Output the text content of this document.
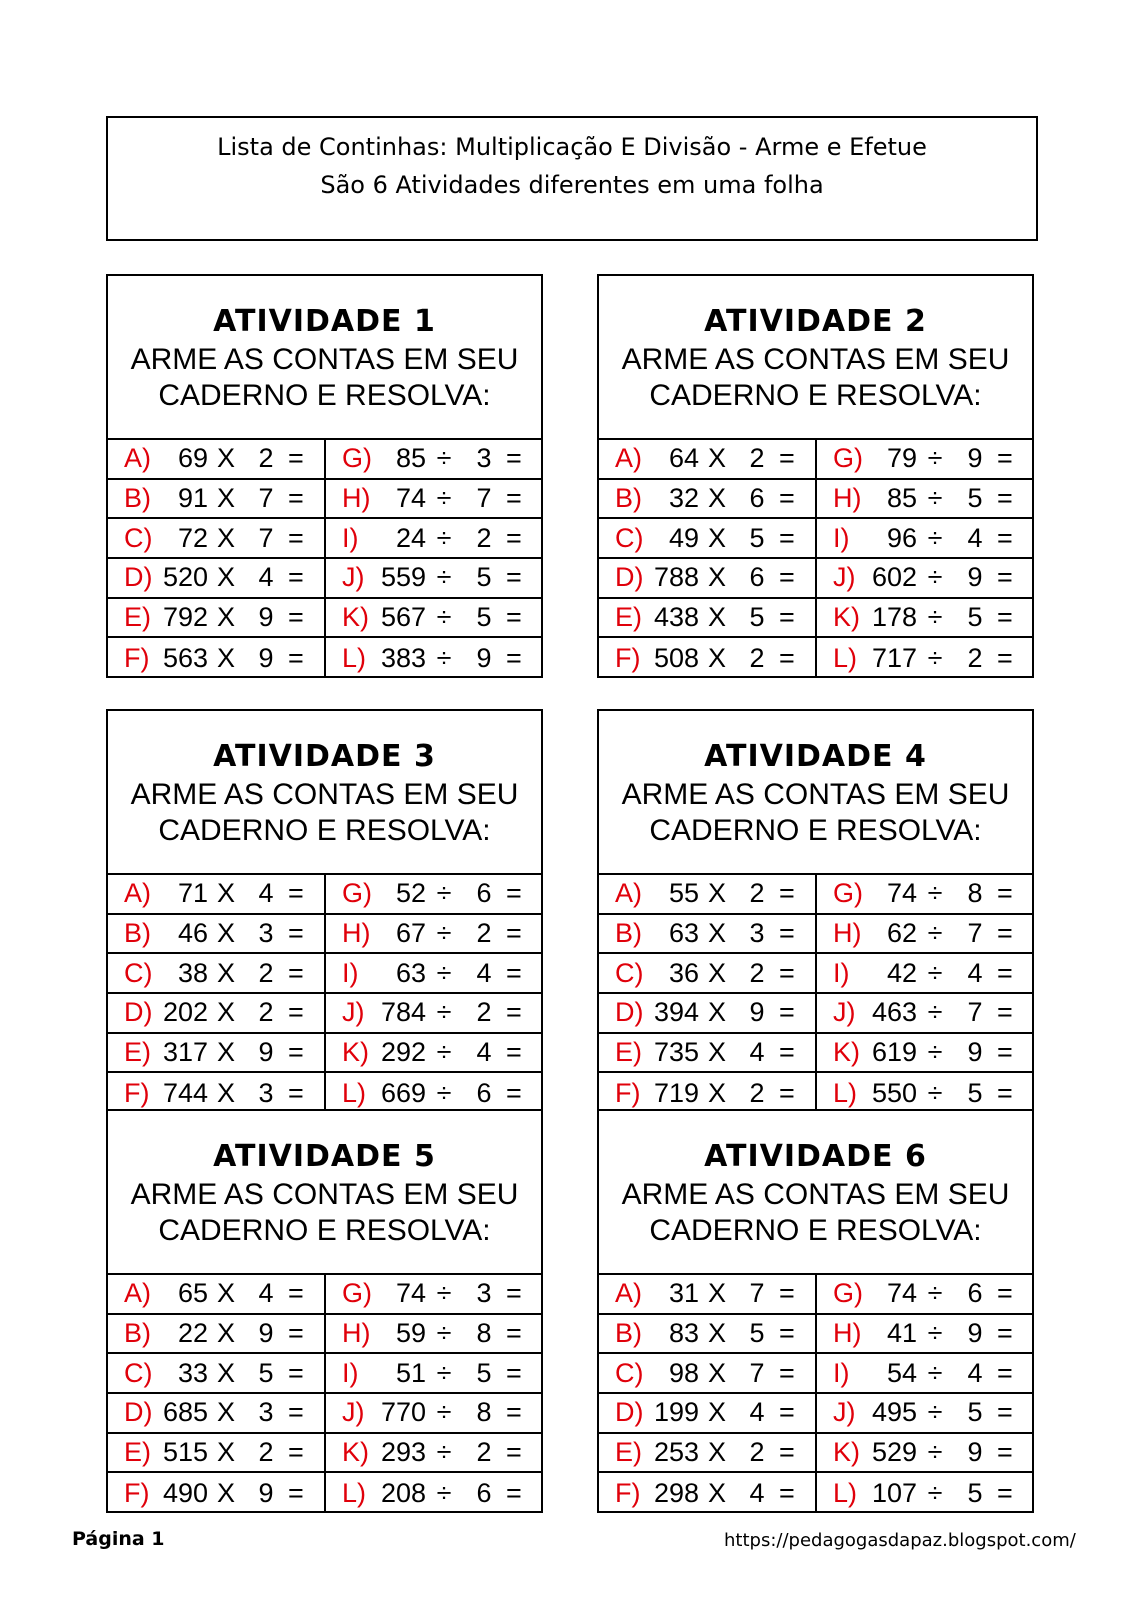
Lista de Continhas: Multiplicação E Divisão - Arme e Efetue
São 6 Atividades diferentes em uma folha
ATIVIDADE 1
ARME AS CONTAS EM SEU
CADERNO E RESOLVA:
A) 69 X 2 =	G) 85 ÷ 3 =
B) 91 X 7 =	H) 74 ÷ 7 =
C) 72 X 7 =	I)	24 ÷ 2 =
D) 520 X 4 =	J) 559 ÷ 5 =
E) 792 X 9 =	K) 567 ÷ 5 =
F) 563 X 9 =	L) 383 ÷ 9 =
ATIVIDADE 2
ARME AS CONTAS EM SEU
CADERNO E RESOLVA:
A) 64 X 2 =	G) 79 ÷ 9 =
B) 32 X 6 =	H) 85 ÷ 5 =
C) 49 X 5 =	I)	96 ÷ 4 =
D) 788 X 6 =	J) 602 ÷ 9 =
E) 438 X 5 =	K) 178 ÷ 5 =
F) 508 X 2 =	L) 717 ÷ 2 =
ATIVIDADE 3
ARME AS CONTAS EM SEU
CADERNO E RESOLVA:
A) 71 X 4 =	G) 52 ÷ 6 =
B) 46 X 3 =	H) 67 ÷ 2 =
C) 38 X 2 =	I)	63 ÷ 4 =
D) 202 X 2 =	J) 784 ÷ 2 =
E) 317 X 9 =	K) 292 ÷ 4 =
F) 744 X 3 =	L) 669 ÷ 6 =
ATIVIDADE 4
ARME AS CONTAS EM SEU
CADERNO E RESOLVA:
A) 55 X 2 =	G) 74 ÷ 8 =
B) 63 X 3 =	H) 62 ÷ 7 =
C) 36 X 2 =	I)	42 ÷ 4 =
D) 394 X 9 =	J) 463 ÷ 7 =
E) 735 X 4 =	K) 619 ÷ 9 =
F) 719 X 2 =	L) 550 ÷ 5 =
ATIVIDADE 5
ARME AS CONTAS EM SEU
CADERNO E RESOLVA:
A) 65 X 4 =	G) 74 ÷ 3 =
B) 22 X 9 =	H) 59 ÷ 8 =
C) 33 X 5 =	I)	51 ÷ 5 =
D) 685 X 3 =	J) 770 ÷ 8 =
E) 515 X 2 =	K) 293 ÷ 2 =
F) 490 X 9 =	L) 208 ÷ 6 =
ATIVIDADE 6
ARME AS CONTAS EM SEU
CADERNO E RESOLVA:
A) 31 X 7 =	G) 74 ÷ 6 =
B) 83 X 5 =	H) 41 ÷ 9 =
C) 98 X 7 =	I)	54 ÷ 4 =
D) 199 X 4 =	J) 495 ÷ 5 =
E) 253 X 2 =	K) 529 ÷ 9 =
F) 298 X 4 =	L) 107 ÷ 5 =
Página 1	https://pedagogasdapaz.blogspot.com/
